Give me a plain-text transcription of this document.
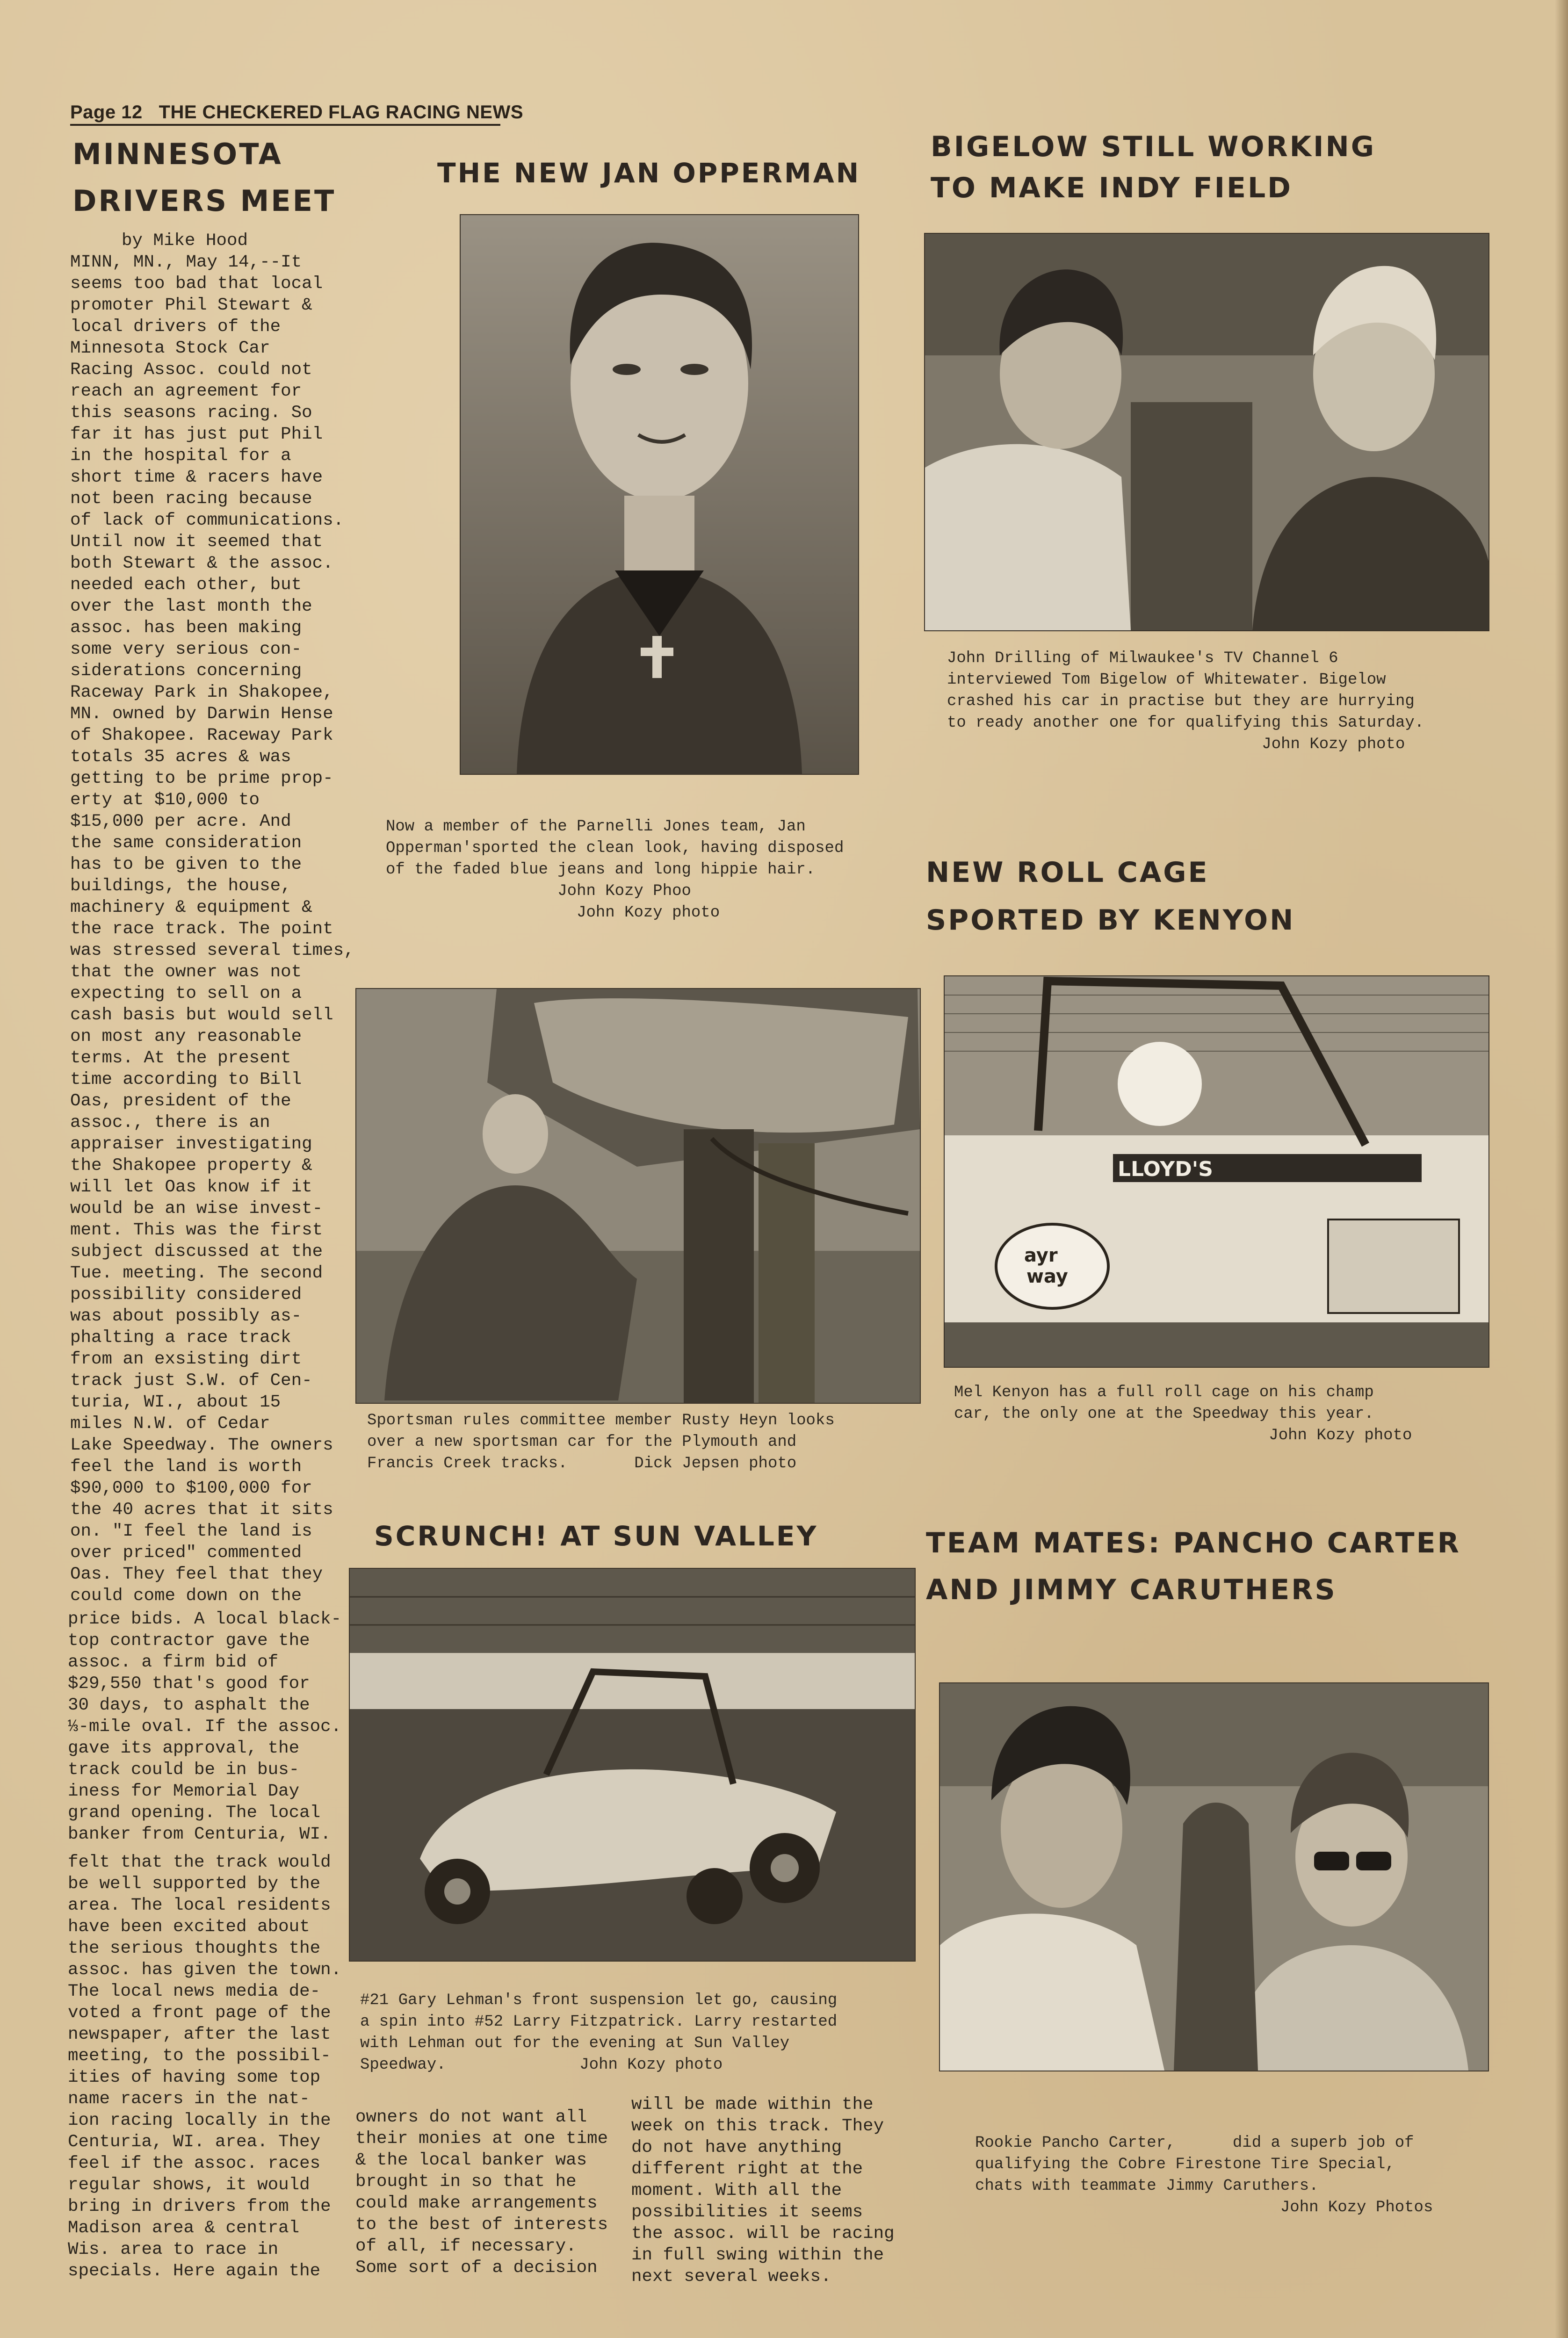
Page 12 THE CHECKERED FLAG RACING NEWS
MINNESOTA
DRIVERS MEET
by Mike Hood
MINN, MN., May 14,--It
seems too bad that local
promoter Phil Stewart &
local drivers of the
Minnesota Stock Car
Racing Assoc. could not
reach an agreement for
this seasons racing. So
far it has just put Phil
in the hospital for a
short time & racers have
not been racing because
of lack of communications.
Until now it seemed that
both Stewart & the assoc.
needed each other, but
over the last month the
assoc. has been making
some very serious con-
siderations concerning
Raceway Park in Shakopee,
MN. owned by Darwin Hense
of Shakopee. Raceway Park
totals 35 acres & was
getting to be prime prop-
erty at $10,000 to
$15,000 per acre. And
the same consideration
has to be given to the
buildings, the house,
machinery & equipment &
the race track. The point
was stressed several times,
that the owner was not
expecting to sell on a
cash basis but would sell
on most any reasonable
terms. At the present
time according to Bill
Oas, president of the
assoc., there is an
appraiser investigating
the Shakopee property &
will let Oas know if it
would be an wise invest-
ment. This was the first
subject discussed at the
Tue. meeting. The second
possibility considered
was about possibly as-
phalting a race track
from an exsisting dirt
track just S.W. of Cen-
turia, WI., about 15
miles N.W. of Cedar
Lake Speedway. The owners
feel the land is worth
$90,000 to $100,000 for
the 40 acres that it sits
on. "I feel the land is
over priced" commented
Oas. They feel that they
could come down on the
price bids. A local black-
top contractor gave the
assoc. a firm bid of
$29,550 that's good for
30 days, to asphalt the
⅓-mile oval. If the assoc.
gave its approval, the
track could be in bus-
iness for Memorial Day
grand opening. The local
banker from Centuria, WI.
felt that the track would
be well supported by the
area. The local residents
have been excited about
the serious thoughts the
assoc. has given the town.
The local news media de-
voted a front page of the
newspaper, after the last
meeting, to the possibil-
ities of having some top
name racers in the nat-
ion racing locally in the
Centuria, WI. area. They
feel if the assoc. races
regular shows, it would
bring in drivers from the
Madison area & central
Wis. area to race in
specials. Here again the
owners do not want all
their monies at one time
& the local banker was
brought in so that he
could make arrangements
to the best of interests
of all, if necessary.
Some sort of a decision
will be made within the
week on this track. They
do not have anything
different right at the
moment. With all the
possibilities it seems
the assoc. will be racing
in full swing within the
next several weeks.
THE NEW JAN OPPERMAN
Now a member of the Parnelli Jones team, Jan
Opperman'sported the clean look, having disposed
of the faded blue jeans and long hippie hair.
John Kozy Phoo
John Kozy photo
Sportsman rules committee member Rusty Heyn looks
over a new sportsman car for the Plymouth and
Francis Creek tracks.       Dick Jepsen photo
SCRUNCH! AT SUN VALLEY
#21 Gary Lehman's front suspension let go, causing
a spin into #52 Larry Fitzpatrick. Larry restarted
with Lehman out for the evening at Sun Valley
Speedway.              John Kozy photo
BIGELOW STILL WORKING
TO MAKE INDY FIELD
John Drilling of Milwaukee's TV Channel 6
interviewed Tom Bigelow of Whitewater. Bigelow
crashed his car in practise but they are hurrying
to ready another one for qualifying this Saturday.
John Kozy photo
NEW ROLL CAGE
SPORTED BY KENYON
LLOYD'S
ayr
way
Mel Kenyon has a full roll cage on his champ
car, the only one at the Speedway this year.
John Kozy photo
TEAM MATES: PANCHO CARTER
AND JIMMY CARUTHERS
Rookie Pancho Carter,      did a superb job of
qualifying the Cobre Firestone Tire Special,
chats with teammate Jimmy Caruthers.
John Kozy Photos
